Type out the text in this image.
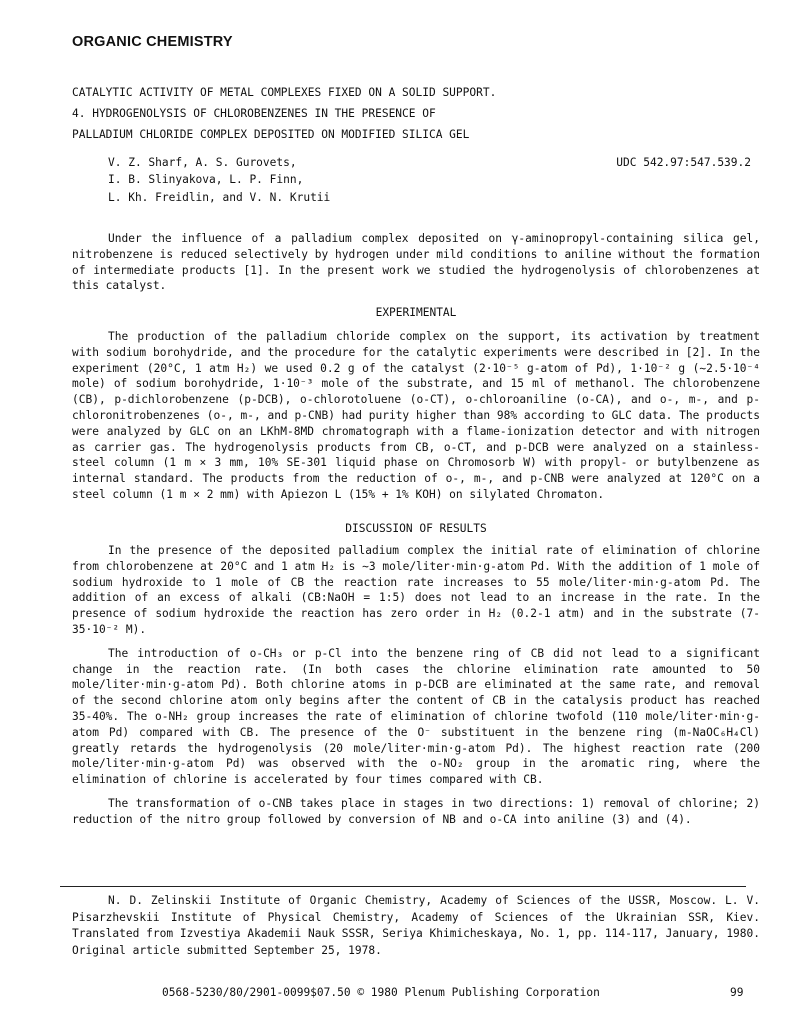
ORGANIC CHEMISTRY
CATALYTIC ACTIVITY OF METAL COMPLEXES FIXED ON A SOLID SUPPORT.
4. HYDROGENOLYSIS OF CHLOROBENZENES IN THE PRESENCE OF
PALLADIUM CHLORIDE COMPLEX DEPOSITED ON MODIFIED SILICA GEL
V. Z. Sharf, A. S. Gurovets,
I. B. Slinyakova, L. P. Finn,
L. Kh. Freidlin, and V. N. Krutii
UDC 542.97:547.539.2

Under the influence of a palladium complex deposited on γ-aminopropyl-containing silica gel, nitrobenzene is reduced selectively by hydrogen under mild conditions to aniline without the formation of intermediate products [1]. In the present work we studied the hydrogenolysis of chlorobenzenes at this catalyst.

EXPERIMENTAL

The production of the palladium chloride complex on the support, its activation by treatment with sodium borohydride, and the procedure for the catalytic experiments were described in [2]. In the experiment (20°C, 1 atm H₂) we used 0.2 g of the catalyst (2·10⁻⁵ g-atom of Pd), 1·10⁻² g (∼2.5·10⁻⁴ mole) of sodium borohydride, 1·10⁻³ mole of the substrate, and 15 ml of methanol. The chlorobenzene (CB), p-dichlorobenzene (p-DCB), o-chlorotoluene (o-CT), o-chloroaniline (o-CA), and o-, m-, and p-chloronitrobenzenes (o-, m-, and p-CNB) had purity higher than 98% according to GLC data. The products were analyzed by GLC on an LKhM-8MD chromatograph with a flame-ionization detector and with nitrogen as carrier gas. The hydrogenolysis products from CB, o-CT, and p-DCB were analyzed on a stainless-steel column (1 m × 3 mm, 10% SE-301 liquid phase on Chromosorb W) with propyl- or butylbenzene as internal standard. The products from the reduction of o-, m-, and p-CNB were analyzed at 120°C on a steel column (1 m × 2 mm) with Apiezon L (15% + 1% KOH) on silylated Chromaton.

DISCUSSION OF RESULTS

In the presence of the deposited palladium complex the initial rate of elimination of chlorine from chlorobenzene at 20°C and 1 atm H₂ is ∼3 mole/liter·min·g-atom Pd. With the addition of 1 mole of sodium hydroxide to 1 mole of CB the reaction rate increases to 55 mole/liter·min·g-atom Pd. The addition of an excess of alkali (CB:NaOH = 1:5) does not lead to an increase in the rate. In the presence of sodium hydroxide the reaction has zero order in H₂ (0.2-1 atm) and in the substrate (7-35·10⁻² M).

The introduction of o-CH₃ or p-Cl into the benzene ring of CB did not lead to a significant change in the reaction rate. (In both cases the chlorine elimination rate amounted to 50 mole/liter·min·g-atom Pd). Both chlorine atoms in p-DCB are eliminated at the same rate, and removal of the second chlorine atom only begins after the content of CB in the catalysis product has reached 35-40%. The o-NH₂ group increases the rate of elimination of chlorine twofold (110 mole/liter·min·g-atom Pd) compared with CB. The presence of the O⁻ substituent in the benzene ring (m-NaOC₆H₄Cl) greatly retards the hydrogenolysis (20 mole/liter·min·g-atom Pd). The highest reaction rate (200 mole/liter·min·g-atom Pd) was observed with the o-NO₂ group in the aromatic ring, where the elimination of chlorine is accelerated by four times compared with CB.

The transformation of o-CNB takes place in stages in two directions: 1) removal of chlorine; 2) reduction of the nitro group followed by conversion of NB and o-CA into aniline (3) and (4).

N. D. Zelinskii Institute of Organic Chemistry, Academy of Sciences of the USSR, Moscow. L. V. Pisarzhevskii Institute of Physical Chemistry, Academy of Sciences of the Ukrainian SSR, Kiev. Translated from Izvestiya Akademii Nauk SSSR, Seriya Khimicheskaya, No. 1, pp. 114-117, January, 1980. Original article submitted September 25, 1978.

0568-5230/80/2901-0099$07.50 © 1980 Plenum Publishing Corporation	99
